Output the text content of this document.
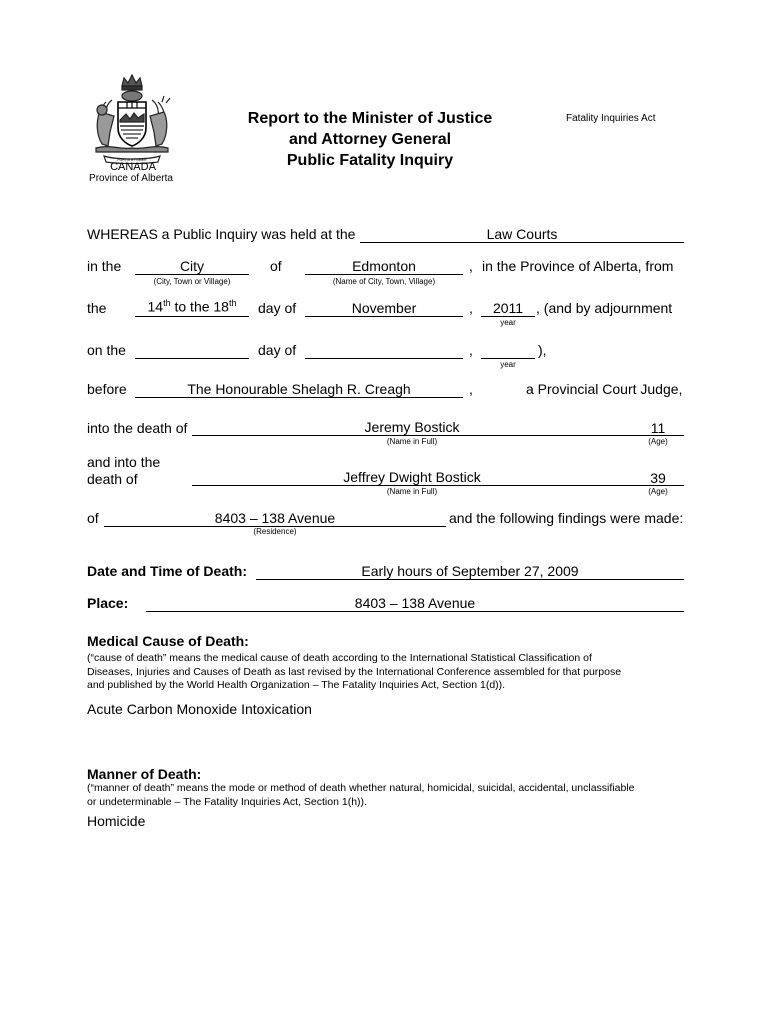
FORTIS ET LIBER
CANADA
Province of Alberta
Report to the Minister of Justice
and Attorney General
Public Fatality Inquiry
Fatality Inquiries Act
WHEREAS a Public Inquiry was held at the	Law Courts
in the	City
(City, Town or Village)
of	Edmonton
(Name of City, Town, Village)
, in the Province of Alberta, from
the	14th to the 18th	day of	November	,	2011
year
, (and by adjournment
on the	day of	,
year
),
before	The Honourable Shelagh R. Creagh	,	a Provincial Court Judge,
into the death of	Jeremy Bostick
(Name in Full)
11
(Age)
and into the
death of	Jeffrey Dwight Bostick
(Name in Full)
39
(Age)
of	8403 – 138 Avenue
(Residence)
and the following findings were made:
Date and Time of Death:	Early hours of September 27, 2009
Place:	8403 – 138 Avenue
Medical Cause of Death:
(“cause of death” means the medical cause of death according to the International Statistical Classification of
Diseases, Injuries and Causes of Death as last revised by the International Conference assembled for that purpose
and published by the World Health Organization – The Fatality Inquiries Act, Section 1(d)).
Acute Carbon Monoxide Intoxication
Manner of Death:
(“manner of death” means the mode or method of death whether natural, homicidal, suicidal, accidental, unclassifiable
or undeterminable – The Fatality Inquiries Act, Section 1(h)).
Homicide
